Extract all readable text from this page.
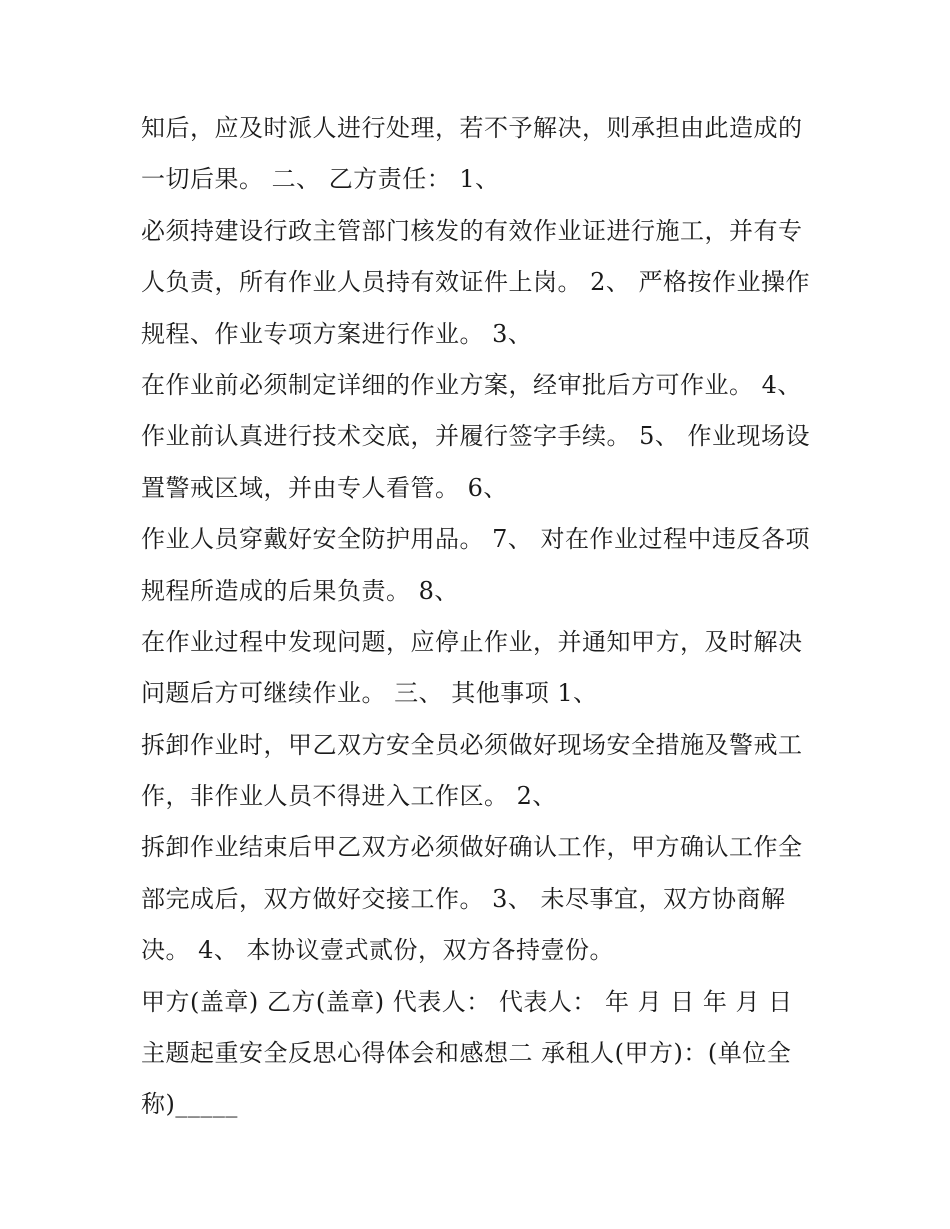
知后，应及时派人进行处理，若不予解决，则承担由此造成的
一切后果。 二、 乙方责任： 1、
必须持建设行政主管部门核发的有效作业证进行施工，并有专
人负责，所有作业人员持有效证件上岗。 2、 严格按作业操作
规程、作业专项方案进行作业。 3、
在作业前必须制定详细的作业方案，经审批后方可作业。 4、
作业前认真进行技术交底，并履行签字手续。 5、 作业现场设
置警戒区域，并由专人看管。 6、
作业人员穿戴好安全防护用品。 7、 对在作业过程中违反各项
规程所造成的后果负责。 8、
在作业过程中发现问题，应停止作业，并通知甲方，及时解决
问题后方可继续作业。 三、 其他事项 1、
拆卸作业时，甲乙双方安全员必须做好现场安全措施及警戒工
作，非作业人员不得进入工作区。 2、
拆卸作业结束后甲乙双方必须做好确认工作，甲方确认工作全
部完成后，双方做好交接工作。 3、 未尽事宜，双方协商解
决。 4、 本协议壹式贰份，双方各持壹份。
甲方(盖章) 乙方(盖章) 代表人： 代表人： 年 月 日 年 月 日
主题起重安全反思心得体会和感想二 承租人(甲方)：(单位全
称)_____
